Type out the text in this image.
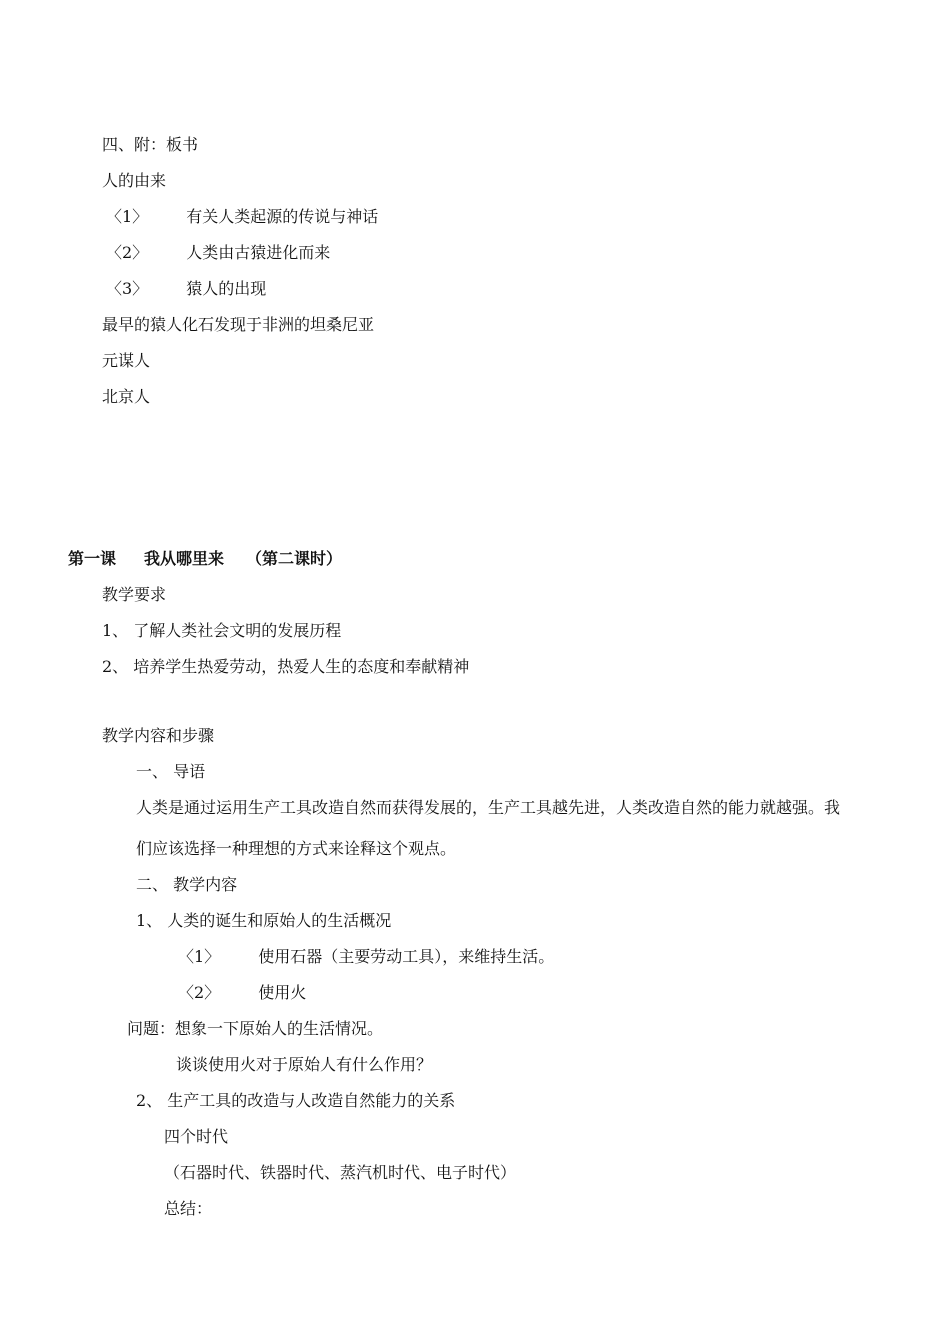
四、附：板书
人的由来
〈1〉 有关人类起源的传说与神话
〈2〉 人类由古猿进化而来
〈3〉 猿人的出现
最早的猿人化石发现于非洲的坦桑尼亚
元谋人
北京人
第一课 我从哪里来 （第二课时）
教学要求
1、 了解人类社会文明的发展历程
2、 培养学生热爱劳动，热爱人生的态度和奉献精神
教学内容和步骤
一、 导语
人类是通过运用生产工具改造自然而获得发展的，生产工具越先进，人类改造自然的能力就越强。我
们应该选择一种理想的方式来诠释这个观点。
二、 教学内容
1、 人类的诞生和原始人的生活概况
〈1〉 使用石器（主要劳动工具），来维持生活。
〈2〉 使用火
问题：想象一下原始人的生活情况。
谈谈使用火对于原始人有什么作用？
2、 生产工具的改造与人改造自然能力的关系
四个时代
（石器时代、铁器时代、蒸汽机时代、电子时代）
总结：
